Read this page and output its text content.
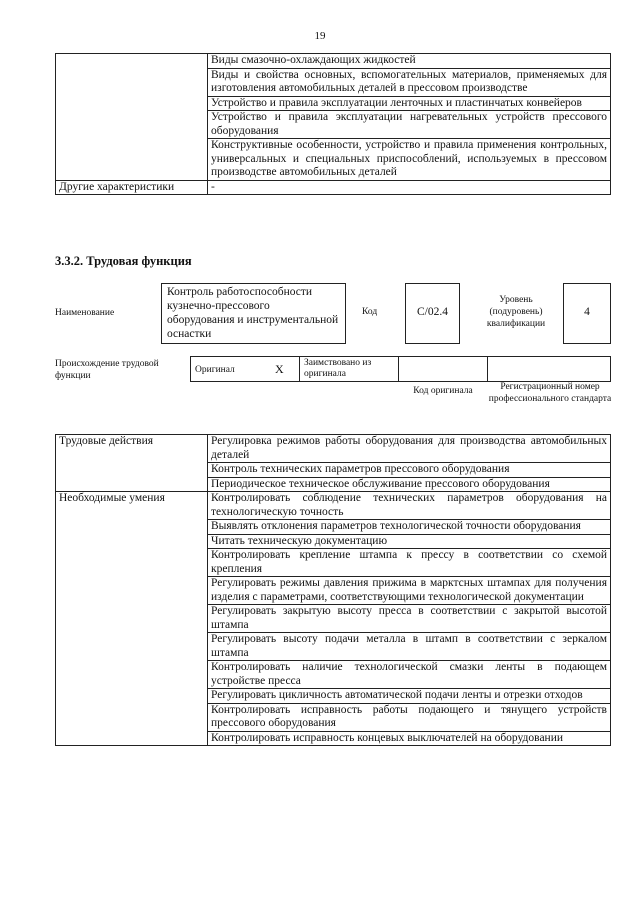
19
	Виды смазочно-охлаждающих жидкостей
	Виды и свойства основных, вспомогательных материалов, применяемых для изготовления автомобильных деталей в прессовом производстве
	Устройство и правила эксплуатации ленточных и пластинчатых конвейеров
	Устройство и правила эксплуатации нагревательных устройств прессового оборудования
	Конструктивные особенности, устройство и правила применения контрольных, универсальных и специальных приспособлений, используемых в прессовом производстве автомобильных деталей
Другие характеристики	-
3.3.2. Трудовая функция
Наименование
Контроль работоспособности кузнечно-прессового оборудования и инструментальной оснастки
Код	C/02.4
Уровень (подуровень) квалификации
4
Происхождение трудовой функции
Оригинал	X	Заимствовано из оригинала
Код оригинала	Регистрационный номер профессионального стандарта
Трудовые действия	Регулировка режимов работы оборудования для производства автомобильных деталей
	Контроль технических параметров прессового оборудования
	Периодическое техническое обслуживание прессового оборудования
Необходимые умения	Контролировать соблюдение технических параметров оборудования на технологическую точность
	Выявлять отклонения параметров технологической точности оборудования
	Читать техническую документацию
	Контролировать крепление штампа к прессу в соответствии со схемой крепления
	Регулировать режимы давления прижима в марктсных штампах для получения изделия с параметрами, соответствующими технологической документации
	Регулировать закрытую высоту пресса в соответствии с закрытой высотой штампа
	Регулировать высоту подачи металла в штамп в соответствии с зеркалом штампа
	Контролировать наличие технологической смазки ленты в подающем устройстве пресса
	Регулировать цикличность автоматической подачи ленты и отрезки отходов
	Контролировать исправность работы подающего и тянущего устройств прессового оборудования
	Контролировать исправность концевых выключателей на оборудовании
